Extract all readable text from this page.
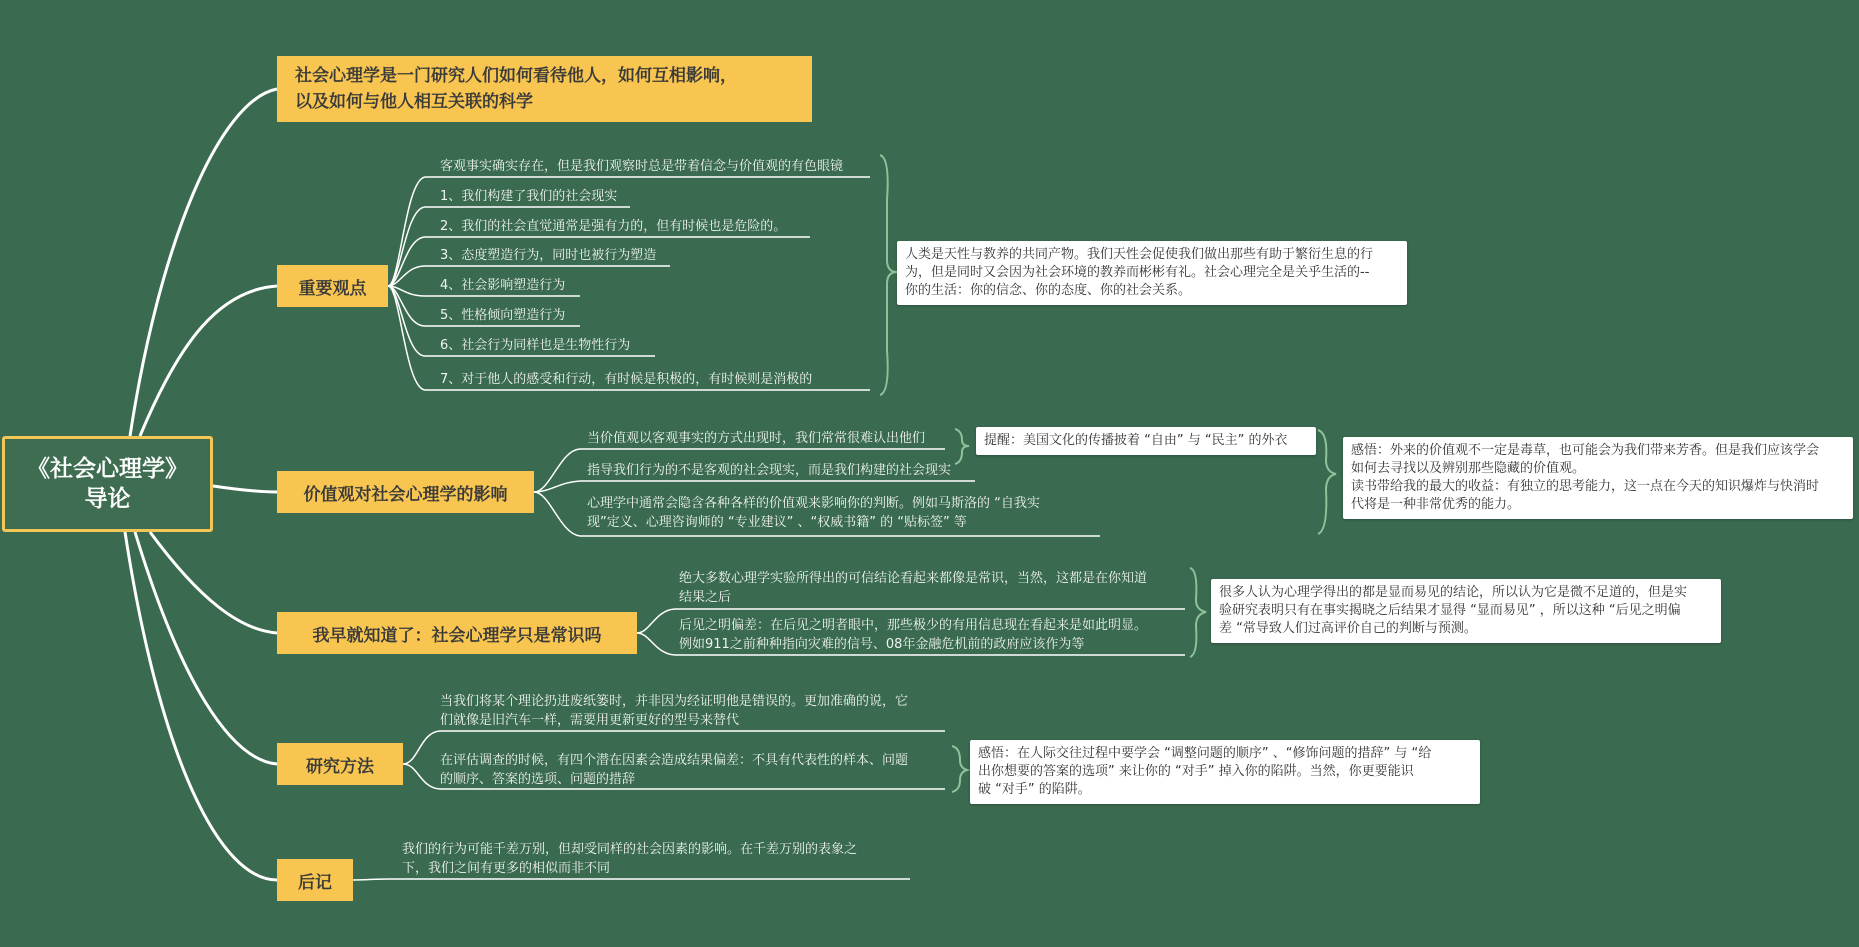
《社会心理学》
导论
社会心理学是一门研究人们如何看待他人，如何互相影响，
以及如何与他人相互关联的科学
重要观点
客观事实确实存在，但是我们观察时总是带着信念与价值观的有色眼镜
1、我们构建了我们的社会现实
2、我们的社会直觉通常是强有力的，但有时候也是危险的。
3、态度塑造行为，同时也被行为塑造
4、社会影响塑造行为
5、性格倾向塑造行为
6、社会行为同样也是生物性行为
7、对于他人的感受和行动，有时候是积极的，有时候则是消极的
人类是天性与教养的共同产物。我们天性会促使我们做出那些有助于繁衍生息的行
为，但是同时又会因为社会环境的教养而彬彬有礼。社会心理完全是关乎生活的--
你的生活：你的信念、你的态度、你的社会关系。
价值观对社会心理学的影响
当价值观以客观事实的方式出现时，我们常常很难认出他们
指导我们行为的不是客观的社会现实，而是我们构建的社会现实
心理学中通常会隐含各种各样的价值观来影响你的判断。例如马斯洛的 “自我实
现”定义、心理咨询师的 “专业建议” 、“权威书籍” 的 “贴标签” 等
提醒：美国文化的传播披着 “自由” 与 “民主” 的外衣
感悟：外来的价值观不一定是毒草，也可能会为我们带来芳香。但是我们应该学会
如何去寻找以及辨别那些隐藏的价值观。
读书带给我的最大的收益：有独立的思考能力，这一点在今天的知识爆炸与快消时
代将是一种非常优秀的能力。
我早就知道了：社会心理学只是常识吗
绝大多数心理学实验所得出的可信结论看起来都像是常识，当然，这都是在你知道
结果之后
后见之明偏差：在后见之明者眼中，那些极少的有用信息现在看起来是如此明显。
例如911之前种种指向灾难的信号、08年金融危机前的政府应该作为等
很多人认为心理学得出的都是显而易见的结论，所以认为它是微不足道的，但是实
验研究表明只有在事实揭晓之后结果才显得 “显而易见” ，所以这种 “后见之明偏
差 “常导致人们过高评价自己的判断与预测。
研究方法
当我们将某个理论扔进废纸篓时，并非因为经证明他是错误的。更加准确的说，它
们就像是旧汽车一样，需要用更新更好的型号来替代
在评估调查的时候，有四个潜在因素会造成结果偏差：不具有代表性的样本、问题
的顺序、答案的选项、问题的措辞
感悟：在人际交往过程中要学会 “调整问题的顺序” 、“修饰问题的措辞” 与 “给
出你想要的答案的选项” 来让你的 “对手” 掉入你的陷阱。当然，你更要能识
破 “对手” 的陷阱。
后记
我们的行为可能千差万别，但却受同样的社会因素的影响。在千差万别的表象之
下，我们之间有更多的相似而非不同
